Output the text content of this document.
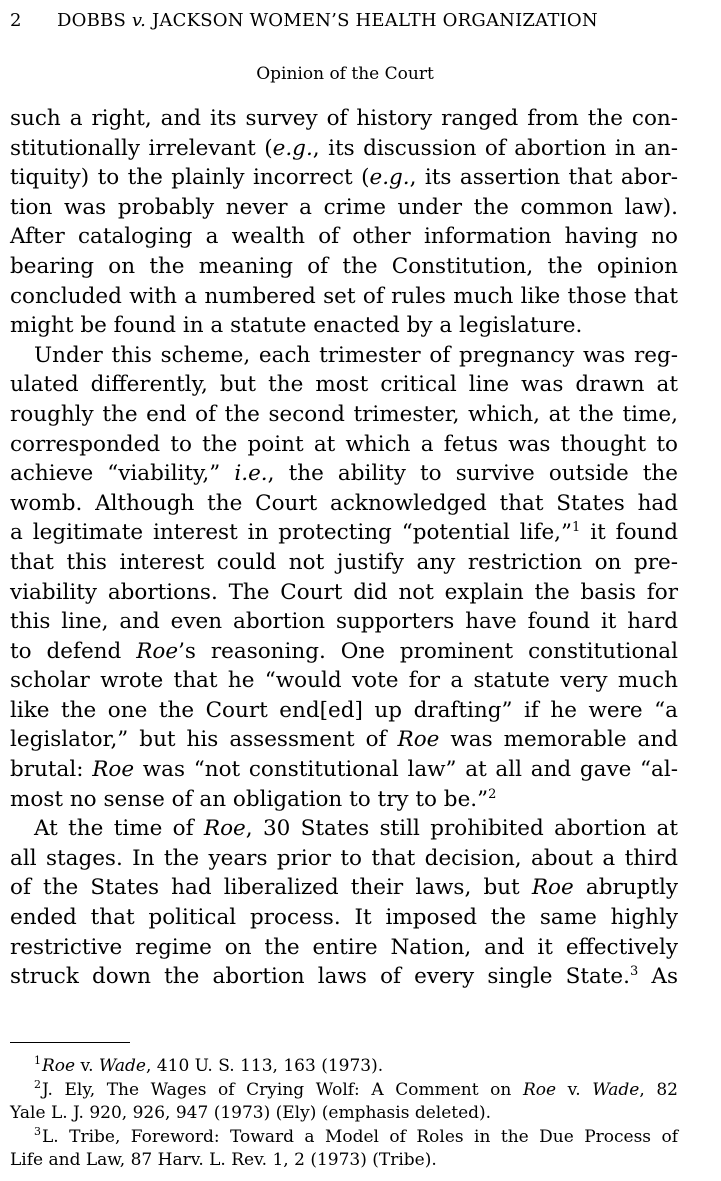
2 DOBBS v. JACKSON WOMEN’S HEALTH ORGANIZATION
Opinion of the Court
such a right, and its survey of history ranged from the con-
stitutionally irrelevant (e.g., its discussion of abortion in an-
tiquity) to the plainly incorrect (e.g., its assertion that abor-
tion was probably never a crime under the common law).
After cataloging a wealth of other information having no
bearing on the meaning of the Constitution, the opinion
concluded with a numbered set of rules much like those that
might be found in a statute enacted by a legislature.
Under this scheme, each trimester of pregnancy was reg-
ulated differently, but the most critical line was drawn at
roughly the end of the second trimester, which, at the time,
corresponded to the point at which a fetus was thought to
achieve “viability,” i.e., the ability to survive outside the
womb. Although the Court acknowledged that States had
a legitimate interest in protecting “potential life,”$^1$ it found
that this interest could not justify any restriction on pre-
viability abortions. The Court did not explain the basis for
this line, and even abortion supporters have found it hard
to defend Roe’s reasoning. One prominent constitutional
scholar wrote that he “would vote for a statute very much
like the one the Court end[ed] up drafting” if he were “a
legislator,” but his assessment of Roe was memorable and
brutal: Roe was “not constitutional law” at all and gave “al-
most no sense of an obligation to try to be.”$^2$
At the time of Roe, 30 States still prohibited abortion at
all stages. In the years prior to that decision, about a third
of the States had liberalized their laws, but Roe abruptly
ended that political process. It imposed the same highly
restrictive regime on the entire Nation, and it effectively
struck down the abortion laws of every single State.$^3$ As
$^1$Roe v. Wade, 410 U. S. 113, 163 (1973).
$^2$J. Ely, The Wages of Crying Wolf: A Comment on Roe v. Wade, 82
Yale L. J. 920, 926, 947 (1973) (Ely) (emphasis deleted).
$^3$L. Tribe, Foreword: Toward a Model of Roles in the Due Process of
Life and Law, 87 Harv. L. Rev. 1, 2 (1973) (Tribe).
